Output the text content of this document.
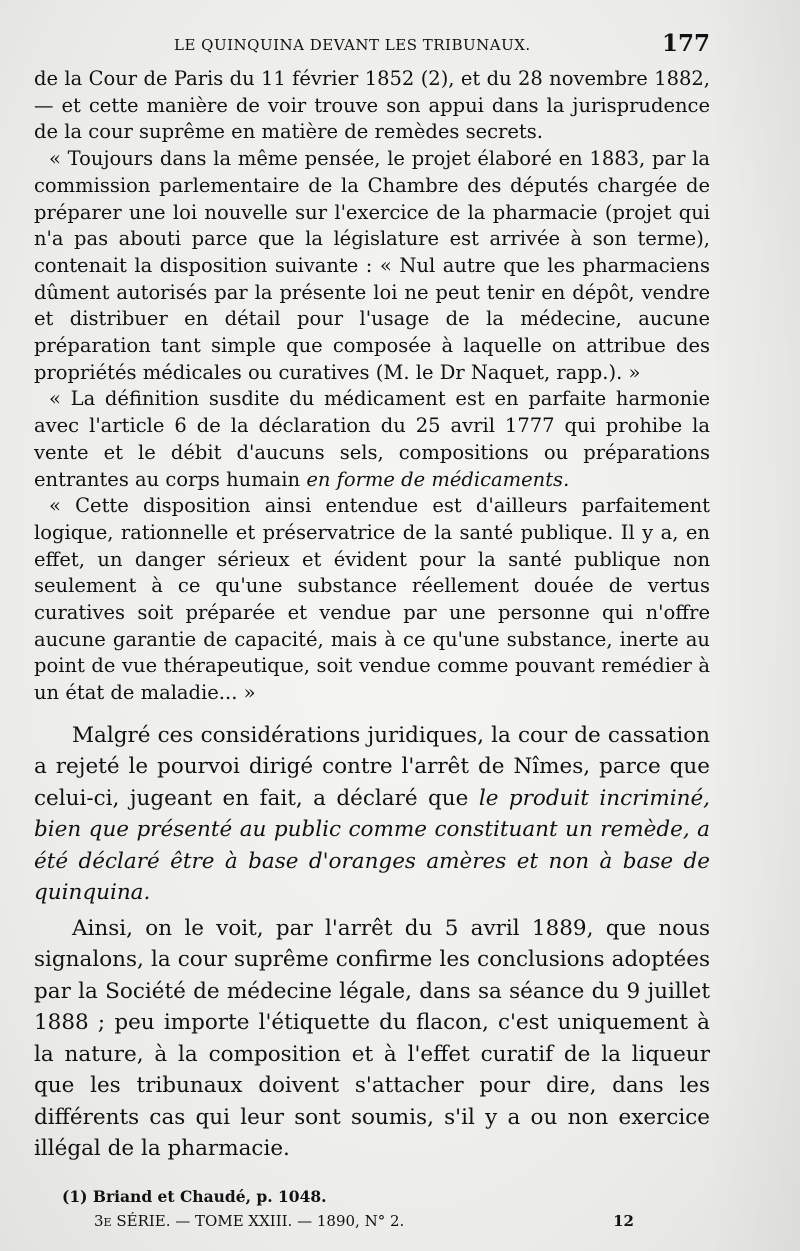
LE QUINQUINA DEVANT LES TRIBUNAUX.	177

de la Cour de Paris du 11 février 1852 (2), et du 28 novembre 1882, — et cette manière de voir trouve son appui dans la jurisprudence de la cour suprême en matière de remèdes secrets.

« Toujours dans la même pensée, le projet élaboré en 1883, par la commission parlementaire de la Chambre des députés chargée de préparer une loi nouvelle sur l'exercice de la pharmacie (projet qui n'a pas abouti parce que la législature est arrivée à son terme), contenait la disposition suivante : « Nul autre que les pharmaciens dûment autorisés par la présente loi ne peut tenir en dépôt, vendre et distribuer en détail pour l'usage de la médecine, aucune préparation tant simple que composée à laquelle on attribue des propriétés médicales ou curatives (M. le Dr Naquet, rapp.). »

« La définition susdite du médicament est en parfaite harmonie avec l'article 6 de la déclaration du 25 avril 1777 qui prohibe la vente et le débit d'aucuns sels, compositions ou préparations entrantes au corps humain en forme de médicaments.

« Cette disposition ainsi entendue est d'ailleurs parfaitement logique, rationnelle et préservatrice de la santé publique. Il y a, en effet, un danger sérieux et évident pour la santé publique non seulement à ce qu'une substance réellement douée de vertus curatives soit préparée et vendue par une personne qui n'offre aucune garantie de capacité, mais à ce qu'une substance, inerte au point de vue thérapeutique, soit vendue comme pouvant remédier à un état de maladie... »

Malgré ces considérations juridiques, la cour de cassation a rejeté le pourvoi dirigé contre l'arrêt de Nîmes, parce que celui-ci, jugeant en fait, a déclaré que le produit incriminé, bien que présenté au public comme constituant un remède, a été déclaré être à base d'oranges amères et non à base de quinquina.

Ainsi, on le voit, par l'arrêt du 5 avril 1889, que nous signalons, la cour suprême confirme les conclusions adoptées par la Société de médecine légale, dans sa séance du 9 juillet 1888 ; peu importe l'étiquette du flacon, c'est uniquement à la nature, à la composition et à l'effet curatif de la liqueur que les tribunaux doivent s'attacher pour dire, dans les différents cas qui leur sont soumis, s'il y a ou non exercice illégal de la pharmacie.

(1) Briand et Chaudé, p. 1048.
3e SÉRIE. — TOME XXIII. — 1890, N° 2.	12
